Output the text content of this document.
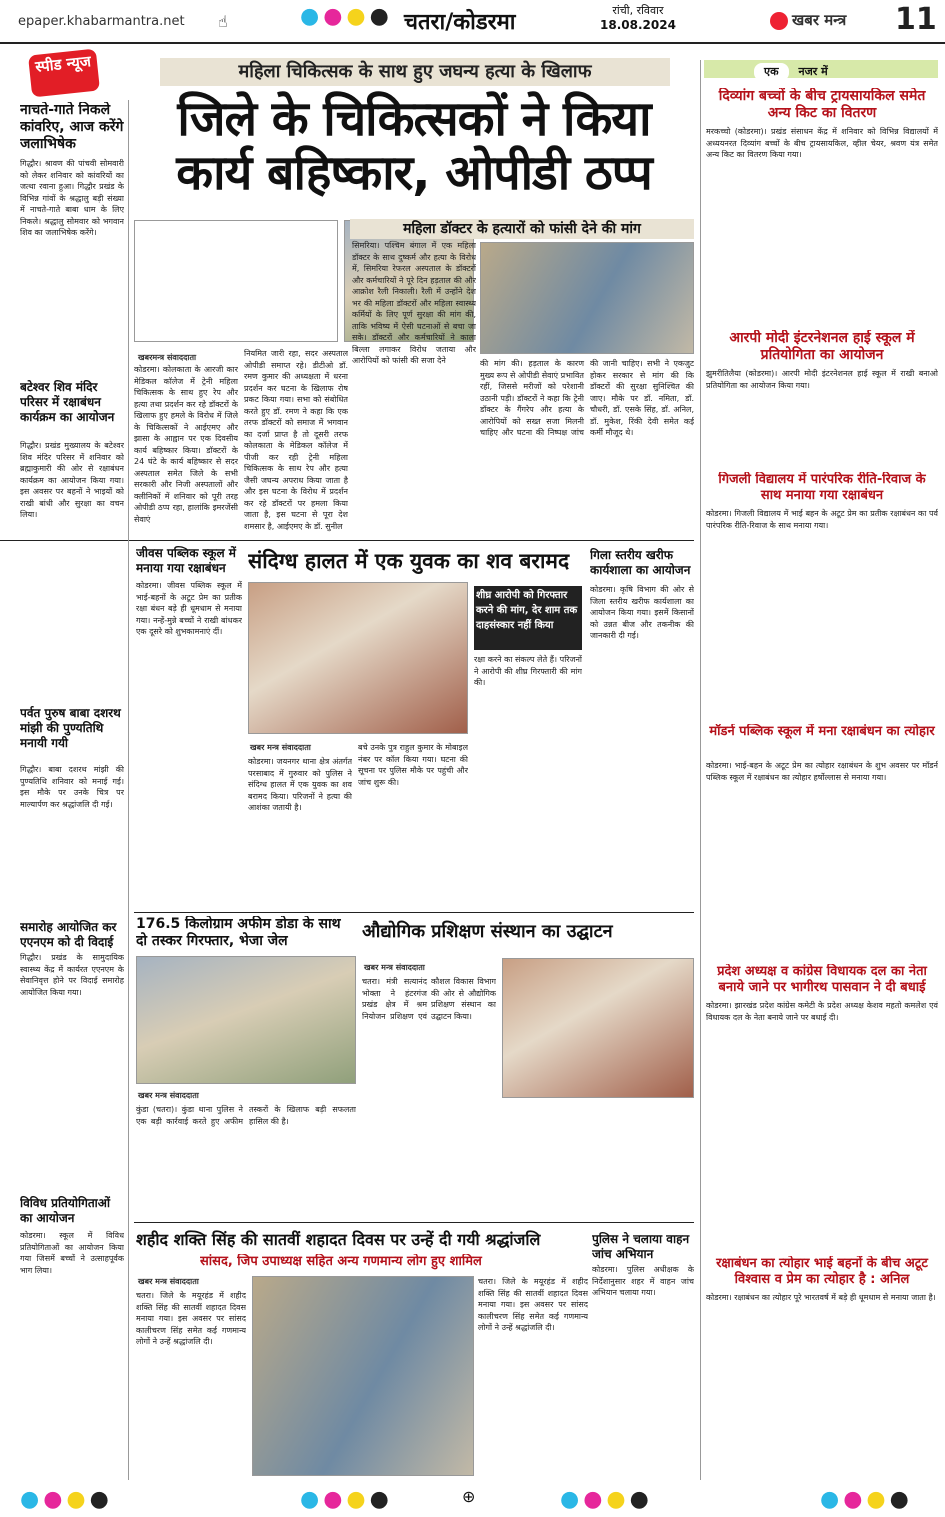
epaper.khabarmantra.net ☝	●●●● चतरा/कोडरमा	रांची, रविवार
18.08.2024	खबर मन्त्र 11
स्पीड न्यूज	महिला चिकित्सक के साथ हुए जघन्य हत्या के खिलाफ
जिले के चिकित्सकों ने किया कार्य बहिष्कार, ओपीडी ठप्प
महिला डॉक्टर के हत्यारों को फांसी देने की मांग
खबरमन्त्र संवाददाता
कोडरमा। कोलकाता के आरजी कार मेडिकल कॉलेज में ट्रेनी महिला चिकित्सक के साथ हुए रेप और हत्या तथा प्रदर्शन कर रहे डॉक्टरों के खिलाफ हुए हमले के विरोध में जिले के चिकित्सकों ने आईएमए और झासा के आह्वान पर एक दिवसीय कार्य बहिष्कार किया। डॉक्टरों के 24 घंटे के कार्य बहिष्कार से सदर अस्पताल समेत जिले के सभी सरकारी और निजी अस्पतालों और क्लीनिकों में शनिवार को पूरी तरह ओपीडी ठप्प रहा, हालांकि इमरजेंसी सेवाएं
नियमित जारी रहा, सदर अस्पताल ओपीडी समाप्त रहे। डीटीओ डॉ. रमण कुमार की अध्यक्षता में धरना प्रदर्शन कर घटना के खिलाफ रोष प्रकट किया गया। सभा को संबोधित करते हुए डॉ. रमण ने कहा कि एक तरफ डॉक्टरों को समाज में भगवान का दर्जा प्राप्त है तो दूसरी तरफ कोलकाता के मेडिकल कॉलेज में पीजी कर रही ट्रेनी महिला चिकित्सक के साथ रेप और हत्या जैसी जघन्य अपराध किया जाता है और इस घटना के विरोध में प्रदर्शन कर रहे डॉक्टरों पर हमला किया जाता है, इस घटना से पूरा देश शमसार है, आईएमए के डॉ. सुनील
सिमरिया। पश्चिम बंगाल में एक महिला डॉक्टर के साथ दुष्कर्म और हत्या के विरोध में, सिमरिया रेफरल अस्पताल के डॉक्टरों और कर्मचारियों ने पूरे दिन हड़ताल की और आक्रोश रैली निकाली। रैली में उन्होंने देश भर की महिला डॉक्टरों और महिला स्वास्थ्य कर्मियों के लिए पूर्ण सुरक्षा की मांग की, ताकि भविष्य में ऐसी घटनाओं से बचा जा सके। डॉक्टरों और कर्मचारियों ने काला बिल्ला लगाकर विरोध जताया और आरोपियों को फांसी की सजा देने	की मांग की। हड़ताल के कारण मुख्य रूप से ओपीडी सेवाएं प्रभावित रहीं, जिससे मरीजों को परेशानी उठानी पड़ी। डॉक्टरों ने कहा कि ट्रेनी डॉक्टर के गैंगरेप और हत्या के आरोपियों को सख्त सजा मिलनी चाहिए और घटना की निष्पक्ष जांच की जानी चाहिए। सभी ने एकजुट होकर सरकार से मांग की कि डॉक्टरों की सुरक्षा सुनिश्चित की जाए। मौके पर डॉ. नमिता, डॉ. चौधरी, डॉ. एसके सिंह, डॉ. अनिल, डॉ. मुकेश, रिंकी देवी समेत कई कर्मी मौजूद थे।
नाचते-गाते निकले कांवरिए, आज करेंगे जलाभिषेक
गिद्धौर। श्रावण की पांचवी सोमवारी को लेकर शनिवार को कांवरियों का जत्था रवाना हुआ। गिद्धौर प्रखंड के विभिन्न गांवों के श्रद्धालु बड़ी संख्या में नाचते-गाते बाबा धाम के लिए निकले। श्रद्धालु सोमवार को भगवान शिव का जलाभिषेक करेंगे।
बटेश्वर शिव मंदिर परिसर में रक्षाबंधन कार्यक्रम का आयोजन
गिद्धौर। प्रखंड मुख्यालय के बटेश्वर शिव मंदिर परिसर में शनिवार को ब्रह्माकुमारी की ओर से रक्षाबंधन कार्यक्रम का आयोजन किया गया। इस अवसर पर बहनों ने भाइयों को राखी बांधी और सुरक्षा का वचन लिया।
पर्वत पुरुष बाबा दशरथ मांझी की पुण्यतिथि मनायी गयी
गिद्धौर। बाबा दशरथ मांझी की पुण्यतिथि शनिवार को मनाई गई। इस मौके पर उनके चित्र पर माल्यार्पण कर श्रद्धांजलि दी गई।
समारोह आयोजित कर एएनएम को दी विदाई
गिद्धौर। प्रखंड के सामुदायिक स्वास्थ्य केंद्र में कार्यरत एएनएम के सेवानिवृत्त होने पर विदाई समारोह आयोजित किया गया।
विविध प्रतियोगिताओं का आयोजन
कोडरमा। स्कूल में विविध प्रतियोगिताओं का आयोजन किया गया जिसमें बच्चों ने उत्साहपूर्वक भाग लिया।
जीवस पब्लिक स्कूल में मनाया गया रक्षाबंधन
कोडरमा। जीवस पब्लिक स्कूल में भाई-बहनों के अटूट प्रेम का प्रतीक रक्षा बंधन बड़े ही धूमधाम से मनाया गया। नन्हें-मुन्ने बच्चों ने राखी बांधकर एक दूसरे को शुभकामनाएं दीं।
संदिग्ध हालत में एक युवक का शव बरामद
शीघ्र आरोपी को गिरफ्तार करने की मांग, देर शाम तक दाहसंस्कार नहीं किया
रक्षा करने का संकल्प लेते हैं। परिजनों ने आरोपी की शीघ्र गिरफ्तारी की मांग की।
खबर मन्त्र संवाददाता
कोडरमा। जयनगर थाना क्षेत्र अंतर्गत परसाबाद में गुरुवार को पुलिस ने संदिग्ध हालत में एक युवक का शव बरामद किया। परिजनों ने हत्या की आशंका जतायी है।
बचे उनके पुत्र राहुल कुमार के मोबाइल नंबर पर कॉल किया गया। घटना की सूचना पर पुलिस मौके पर पहुंची और जांच शुरू की।
गिला स्तरीय खरीफ कार्यशाला का आयोजन
कोडरमा। कृषि विभाग की ओर से जिला स्तरीय खरीफ कार्यशाला का आयोजन किया गया। इसमें किसानों को उन्नत बीज और तकनीक की जानकारी दी गई।
176.5 किलोग्राम अफीम डोडा के साथ दो तस्कर गिरफ्तार, भेजा जेल
खबर मन्त्र संवाददाता
कुंडा (चतरा)। कुंडा थाना पुलिस ने एक बड़ी कार्रवाई करते हुए अफीम तस्करों के खिलाफ बड़ी सफलता हासिल की है।
औद्योगिक प्रशिक्षण संस्थान का उद्घाटन
खबर मन्त्र संवाददाता
चतरा। मंत्री सत्यानंद भोक्ता ने हंटरगंज प्रखंड क्षेत्र में श्रम नियोजन प्रशिक्षण एवं कौशल विकास विभाग की ओर से औद्योगिक प्रशिक्षण संस्थान का उद्घाटन किया।
शहीद शक्ति सिंह की सातवीं शहादत दिवस पर उन्हें दी गयी श्रद्धांजलि
सांसद, जिप उपाध्यक्ष सहित अन्य गणमान्य लोग हुए शामिल
खबर मन्त्र संवाददाता
चतरा। जिले के मयूरहंड में शहीद शक्ति सिंह की सातवीं शहादत दिवस मनाया गया। इस अवसर पर सांसद कालीचरण सिंह समेत कई गणमान्य लोगों ने उन्हें श्रद्धांजलि दी।
चतरा। जिले के मयूरहंड में शहीद शक्ति सिंह की सातवीं शहादत दिवस मनाया गया। इस अवसर पर सांसद कालीचरण सिंह समेत कई गणमान्य लोगों ने उन्हें श्रद्धांजलि दी।
पुलिस ने चलाया वाहन जांच अभियान
कोडरमा। पुलिस अधीक्षक के निर्देशानुसार शहर में वाहन जांच अभियान चलाया गया।
एक नजर में
दिव्यांग बच्चों के बीच ट्रायसायकिल समेत अन्य किट का वितरण
मरकच्चो (कोडरमा)। प्रखंड संसाधन केंद्र में शनिवार को विभिन्न विद्यालयों में अध्ययनरत दिव्यांग बच्चों के बीच ट्रायसायकिल, व्हील चेयर, श्रवण यंत्र समेत अन्य किट का वितरण किया गया।
आरपी मोदी इंटरनेशनल हाई स्कूल में प्रतियोगिता का आयोजन
झुमरीतिलैया (कोडरमा)। आरपी मोदी इंटरनेशनल हाई स्कूल में राखी बनाओ प्रतियोगिता का आयोजन किया गया।
गिजली विद्यालय में पारंपरिक रीति-रिवाज के साथ मनाया गया रक्षाबंधन
कोडरमा। गिजली विद्यालय में भाई बहन के अटूट प्रेम का प्रतीक रक्षाबंधन का पर्व पारंपरिक रीति-रिवाज के साथ मनाया गया।
मॉडर्न पब्लिक स्कूल में मना रक्षाबंधन का त्योहार
कोडरमा। भाई-बहन के अटूट प्रेम का त्योहार रक्षाबंधन के शुभ अवसर पर मॉडर्न पब्लिक स्कूल में रक्षाबंधन का त्योहार हर्षोल्लास से मनाया गया।
प्रदेश अध्यक्ष व कांग्रेस विधायक दल का नेता बनाये जाने पर भागीरथ पासवान ने दी बधाई
कोडरमा। झारखंड प्रदेश कांग्रेस कमेटी के प्रदेश अध्यक्ष केशव महतो कमलेश एवं विधायक दल के नेता बनाये जाने पर बधाई दी।
रक्षाबंधन का त्योहार भाई बहनों के बीच अटूट विश्वास व प्रेम का त्योहार है : अनिल
कोडरमा। रक्षाबंधन का त्योहार पूरे भारतवर्ष में बड़े ही धूमधाम से मनाया जाता है।
●●●●	●●●●	⊕	●●●●	●●●●
